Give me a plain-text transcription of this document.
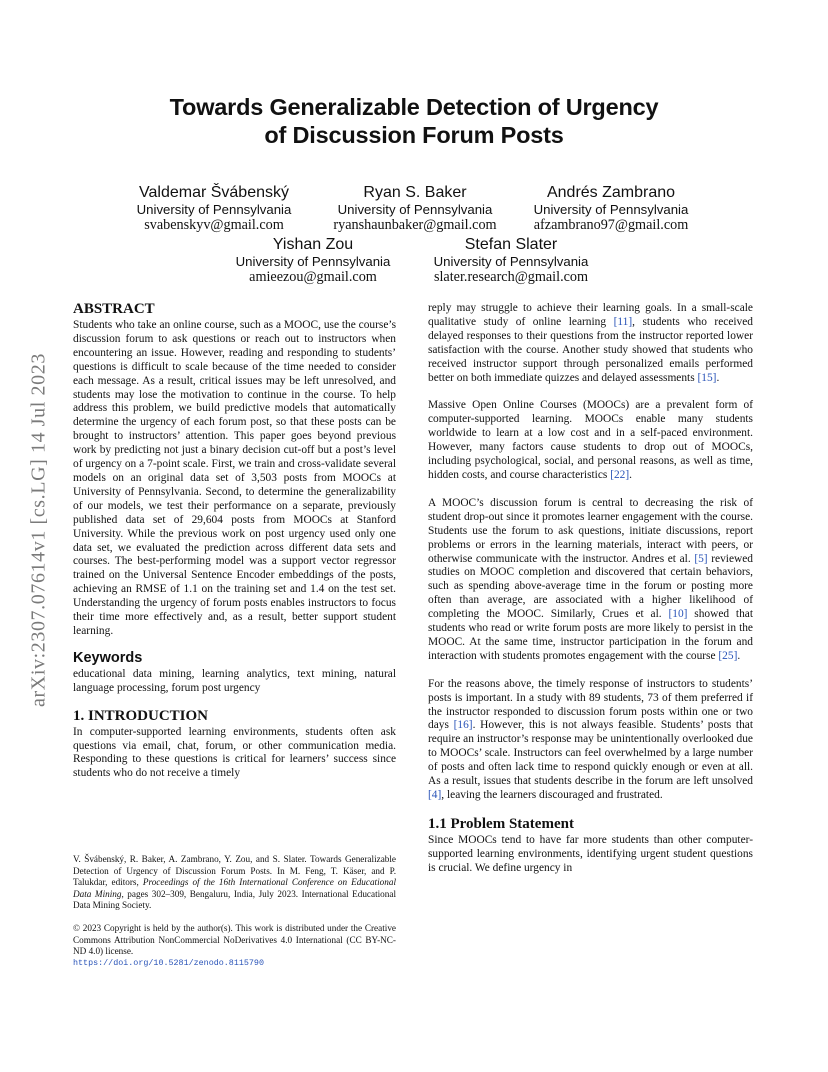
arXiv:2307.07614v1 [cs.LG] 14 Jul 2023
Towards Generalizable Detection of Urgency
of Discussion Forum Posts
Valdemar Švábenský
University of Pennsylvania
svabenskyv@gmail.com
Ryan S. Baker
University of Pennsylvania
ryanshaunbaker@gmail.com
Andrés Zambrano
University of Pennsylvania
afzambrano97@gmail.com
Yishan Zou
University of Pennsylvania
amieezou@gmail.com
Stefan Slater
University of Pennsylvania
slater.research@gmail.com
ABSTRACT

Students who take an online course, such as a MOOC, use the course’s discussion forum to ask questions or reach out to instructors when encountering an issue. However, reading and responding to students’ questions is difficult to scale because of the time needed to consider each message. As a result, critical issues may be left unresolved, and students may lose the motivation to continue in the course. To help address this problem, we build predictive models that automatically determine the urgency of each forum post, so that these posts can be brought to instructors’ attention. This paper goes beyond previous work by predicting not just a binary decision cut-off but a post’s level of urgency on a 7-point scale. First, we train and cross-validate several models on an original data set of 3,503 posts from MOOCs at University of Pennsylvania. Second, to determine the generalizability of our models, we test their performance on a separate, previously published data set of 29,604 posts from MOOCs at Stanford University. While the previous work on post urgency used only one data set, we evaluated the prediction across different data sets and courses. The best-performing model was a support vector regressor trained on the Universal Sentence Encoder embeddings of the posts, achieving an RMSE of 1.1 on the training set and 1.4 on the test set. Understanding the urgency of forum posts enables instructors to focus their time more effectively and, as a result, better support student learning.

Keywords

educational data mining, learning analytics, text mining, natural language processing, forum post urgency

1. INTRODUCTION

In computer-supported learning environments, students often ask questions via email, chat, forum, or other communication media. Responding to these questions is critical for learners’ success since students who do not receive a timely

V. Švábenský, R. Baker, A. Zambrano, Y. Zou, and S. Slater. Towards Generalizable Detection of Urgency of Discussion Forum Posts. In M. Feng, T. Käser, and P. Talukdar, editors, Proceedings of the 16th International Conference on Educational Data Mining, pages 302–309, Bengaluru, India, July 2023. International Educational Data Mining Society.

© 2023 Copyright is held by the author(s). This work is distributed under the Creative Commons Attribution NonCommercial NoDerivatives 4.0 International (CC BY-NC-ND 4.0) license.

https://doi.org/10.5281/zenodo.8115790

reply may struggle to achieve their learning goals. In a small-scale qualitative study of online learning [11], students who received delayed responses to their questions from the instructor reported lower satisfaction with the course. Another study showed that students who received instructor support through personalized emails performed better on both immediate quizzes and delayed assessments [15].

Massive Open Online Courses (MOOCs) are a prevalent form of computer-supported learning. MOOCs enable many students worldwide to learn at a low cost and in a self-paced environment. However, many factors cause students to drop out of MOOCs, including psychological, social, and personal reasons, as well as time, hidden costs, and course characteristics [22].

A MOOC’s discussion forum is central to decreasing the risk of student drop-out since it promotes learner engagement with the course. Students use the forum to ask questions, initiate discussions, report problems or errors in the learning materials, interact with peers, or otherwise communicate with the instructor. Andres et al. [5] reviewed studies on MOOC completion and discovered that certain behaviors, such as spending above-average time in the forum or posting more often than average, are associated with a higher likelihood of completing the MOOC. Similarly, Crues et al. [10] showed that students who read or write forum posts are more likely to persist in the MOOC. At the same time, instructor participation in the forum and interaction with students promotes engagement with the course [25].

For the reasons above, the timely response of instructors to students’ posts is important. In a study with 89 students, 73 of them preferred if the instructor responded to discussion forum posts within one or two days [16]. However, this is not always feasible. Students’ posts that require an instructor’s response may be unintentionally overlooked due to MOOCs’ scale. Instructors can feel overwhelmed by a large number of posts and often lack time to respond quickly enough or even at all. As a result, issues that students describe in the forum are left unsolved [4], leaving the learners discouraged and frustrated.

1.1 Problem Statement

Since MOOCs tend to have far more students than other computer-supported learning environments, identifying urgent student questions is crucial. We define urgency in
